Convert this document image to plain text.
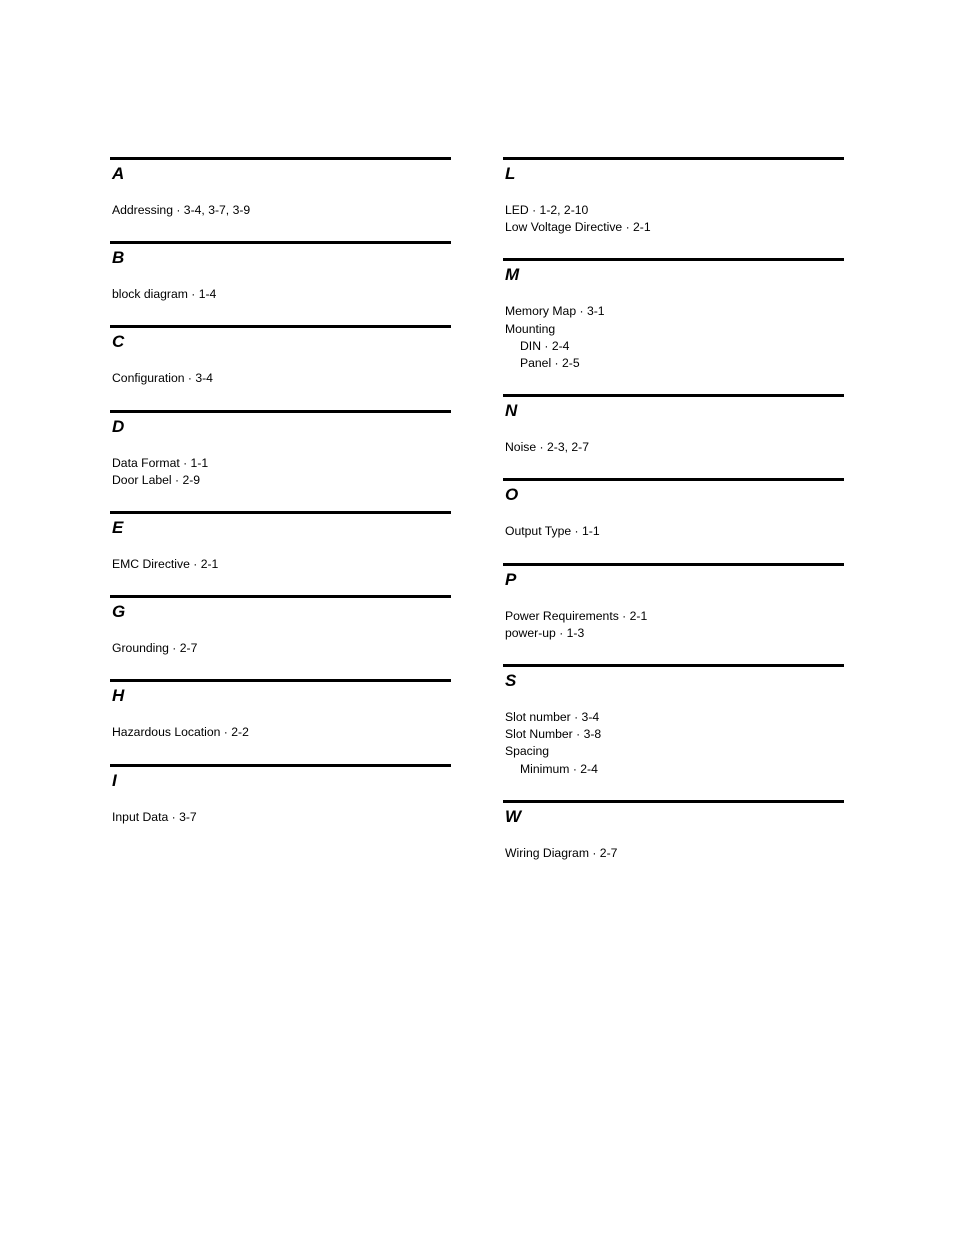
A
Addressing · 3-4, 3-7, 3-9
B
block diagram · 1-4
C
Configuration · 3-4
D
Data Format · 1-1
Door Label · 2-9
E
EMC Directive · 2-1
G
Grounding · 2-7
H
Hazardous Location · 2-2
I
Input Data · 3-7
L
LED · 1-2, 2-10
Low Voltage Directive · 2-1
M
Memory Map · 3-1
Mounting
DIN · 2-4
Panel · 2-5
N
Noise · 2-3, 2-7
O
Output Type · 1-1
P
Power Requirements · 2-1
power-up · 1-3
S
Slot number · 3-4
Slot Number · 3-8
Spacing
Minimum · 2-4
W
Wiring Diagram · 2-7
